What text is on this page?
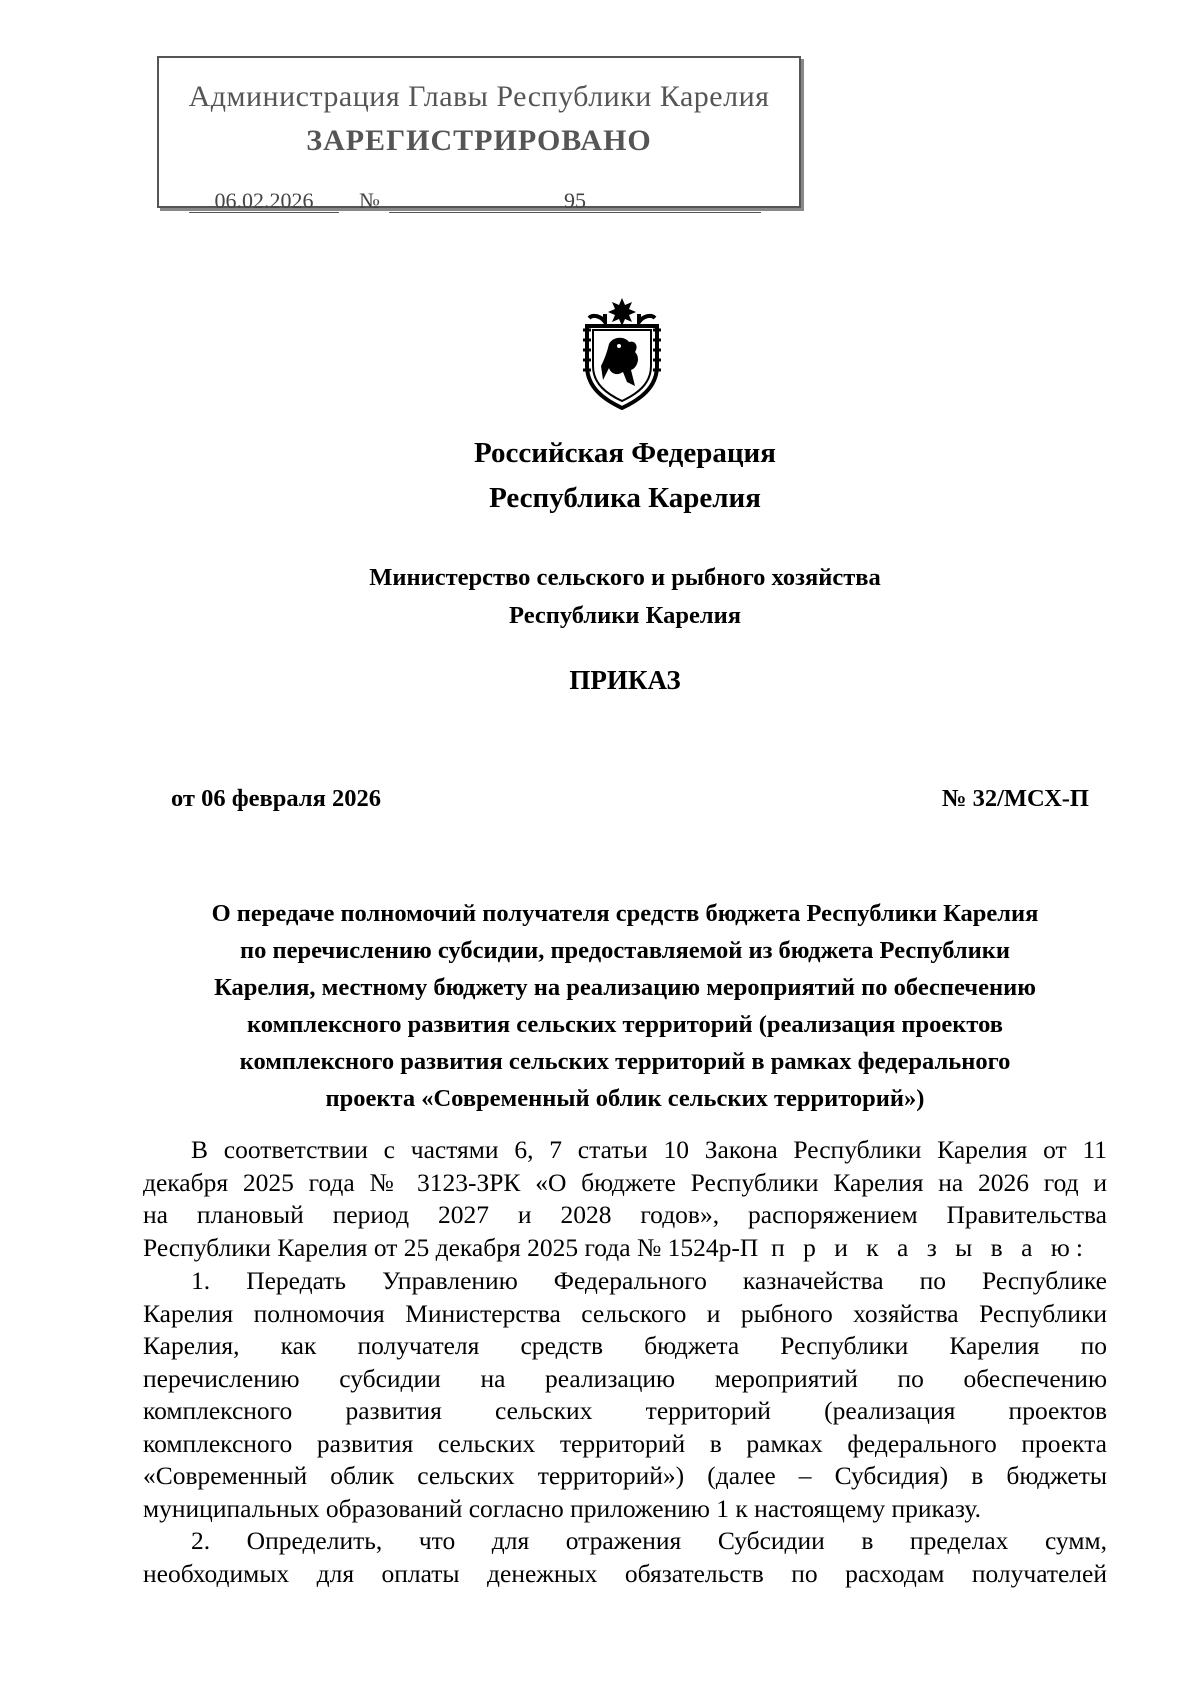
Администрация Главы Республики Карелия
ЗАРЕГИСТРИРОВАНО
06.02.2026	№	95
Российская Федерация
Республика Карелия
Министерство сельского и рыбного хозяйства
Республики Карелия
ПРИКАЗ
от 06 февраля 2026	№ 32/МСХ-П
О передаче полномочий получателя средств бюджета Республики Карелия
по перечислению субсидии, предоставляемой из бюджета Республики
Карелия, местному бюджету на реализацию мероприятий по обеспечению
комплексного развития сельских территорий (реализация проектов
комплексного развития сельских территорий в рамках федерального
проекта «Современный облик сельских территорий»)
В соответствии с частями 6, 7 статьи 10 Закона Республики Карелия от 11
декабря 2025 года № 3123-ЗРК «О бюджете Республики Карелия на 2026 год и
на плановый период 2027 и 2028 годов», распоряжением Правительства
Республики Карелия от 25 декабря 2025 года № 1524р-П п р и к а з ы в а ю:
1. Передать Управлению Федерального казначейства по Республике
Карелия полномочия Министерства сельского и рыбного хозяйства Республики
Карелия, как получателя средств бюджета Республики Карелия по
перечислению субсидии на реализацию мероприятий по обеспечению
комплексного развития сельских территорий (реализация проектов
комплексного развития сельских территорий в рамках федерального проекта
«Современный облик сельских территорий») (далее – Субсидия) в бюджеты
муниципальных образований согласно приложению 1 к настоящему приказу.
2. Определить, что для отражения Субсидии в пределах сумм,
необходимых для оплаты денежных обязательств по расходам получателей
